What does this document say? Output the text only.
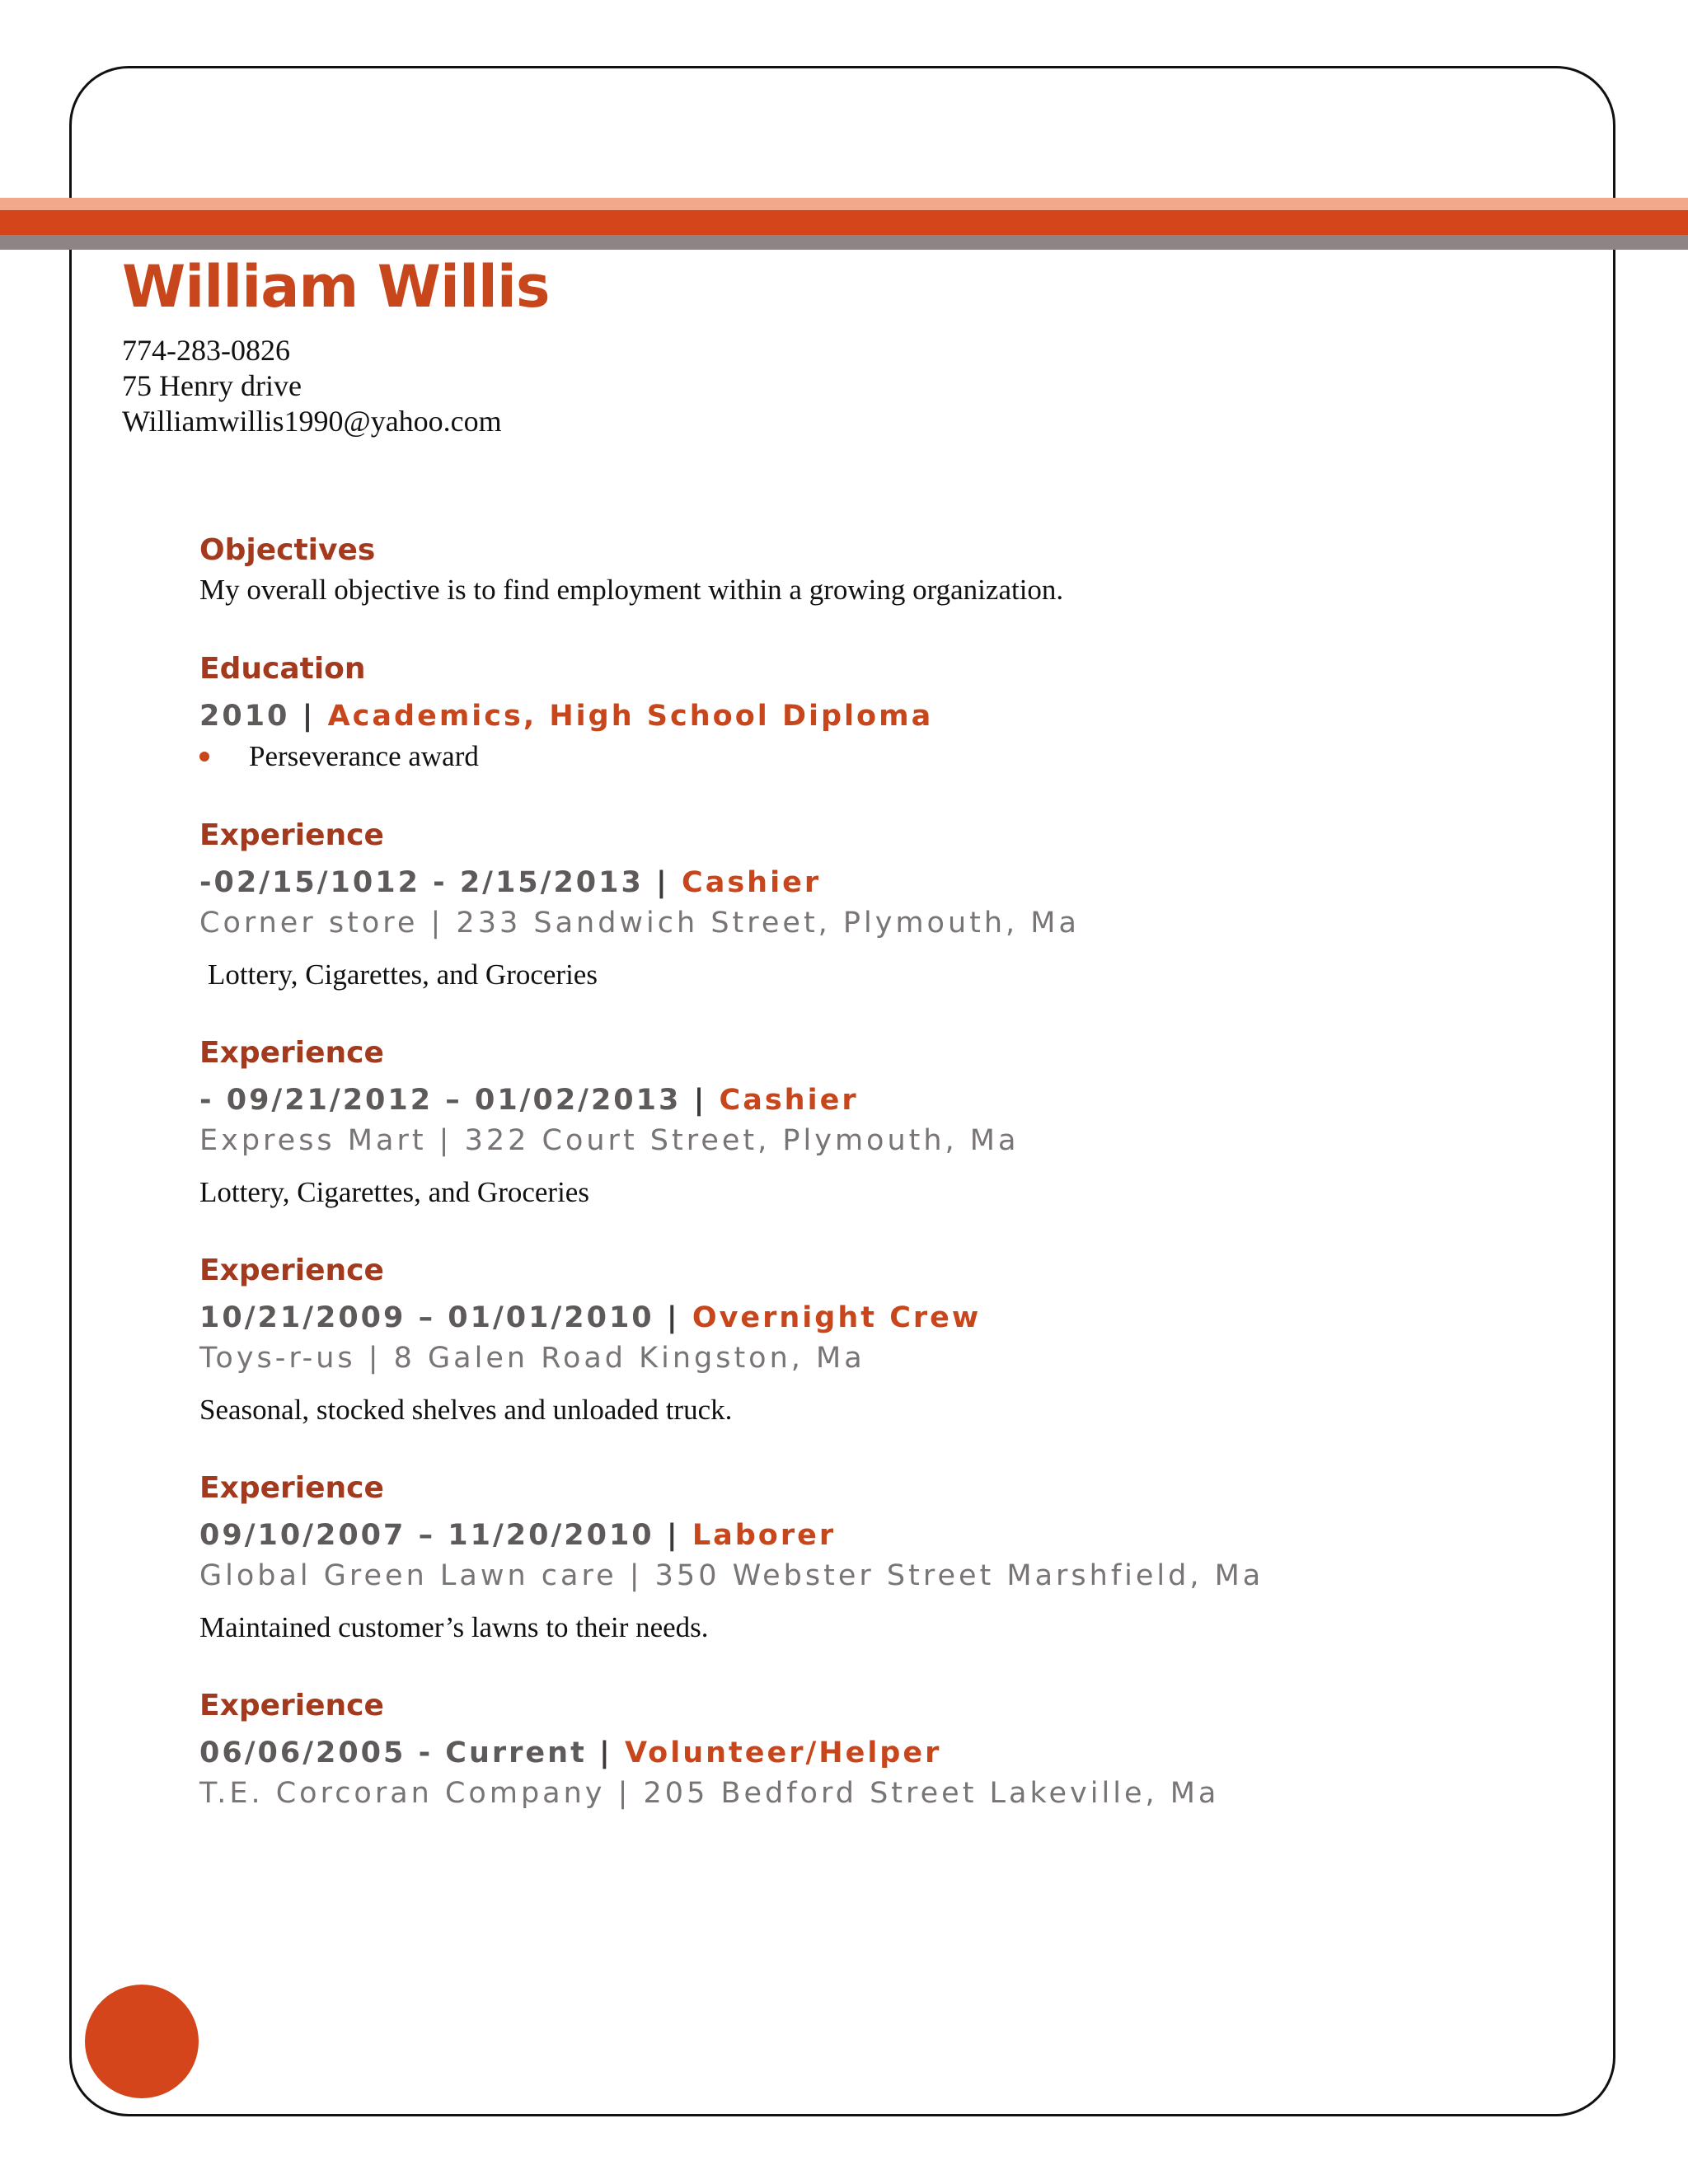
William Willis
774-283-0826
75 Henry drive
Williamwillis1990@yahoo.com
Objectives
My overall objective is to find employment within a growing organization.
Education
2010 | Academics, High School Diploma
Perseverance award
Experience
-02/15/1012 - 2/15/2013 | Cashier
Corner store | 233 Sandwich Street, Plymouth, Ma
Lottery, Cigarettes, and Groceries
Experience
- 09/21/2012 – 01/02/2013 | Cashier
Express Mart | 322 Court Street, Plymouth, Ma
Lottery, Cigarettes, and Groceries
Experience
10/21/2009 – 01/01/2010 | Overnight Crew
Toys-r-us | 8 Galen Road Kingston, Ma
Seasonal, stocked shelves and unloaded truck.
Experience
09/10/2007 – 11/20/2010 | Laborer
Global Green Lawn care | 350 Webster Street Marshfield, Ma
Maintained customer’s lawns to their needs.
Experience
06/06/2005 - Current | Volunteer/Helper
T.E. Corcoran Company | 205 Bedford Street Lakeville, Ma
